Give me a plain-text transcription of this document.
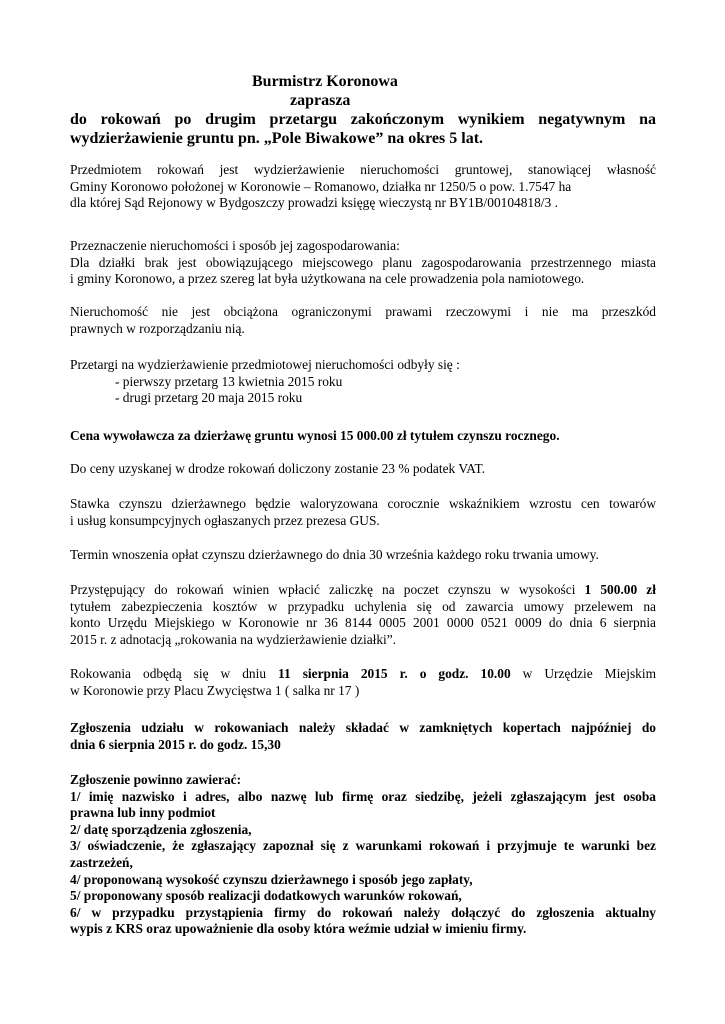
Burmistrz Koronowa
zaprasza
do rokowań po drugim przetargu zakończonym wynikiem negatywnym na
wydzierżawienie gruntu pn. „Pole Biwakowe” na okres 5 lat.
Przedmiotem rokowań jest wydzierżawienie nieruchomości gruntowej, stanowiącej własność
Gminy Koronowo położonej w Koronowie – Romanowo, działka nr 1250/5 o pow. 1.7547 ha
dla której Sąd Rejonowy w Bydgoszczy prowadzi księgę wieczystą nr BY1B/00104818/3 .
Przeznaczenie nieruchomości i sposób jej zagospodarowania:
Dla działki brak jest obowiązującego miejscowego planu zagospodarowania przestrzennego miasta
i gminy Koronowo, a przez szereg lat była użytkowana na cele prowadzenia pola namiotowego.
Nieruchomość nie jest obciążona ograniczonymi prawami rzeczowymi i nie ma przeszkód
prawnych w rozporządzaniu nią.
Przetargi na wydzierżawienie przedmiotowej nieruchomości odbyły się :
- pierwszy przetarg 13 kwietnia 2015 roku
- drugi przetarg 20 maja 2015 roku
Cena wywoławcza za dzierżawę gruntu wynosi 15 000.00 zł tytułem czynszu rocznego.
Do ceny uzyskanej w drodze rokowań doliczony zostanie 23 % podatek VAT.
Stawka czynszu dzierżawnego będzie waloryzowana corocznie wskaźnikiem wzrostu cen towarów
i usług konsumpcyjnych ogłaszanych przez prezesa GUS.
Termin wnoszenia opłat czynszu dzierżawnego do dnia 30 września każdego roku trwania umowy.
Przystępujący do rokowań winien wpłacić zaliczkę na poczet czynszu w wysokości 1 500.00 zł
tytułem zabezpieczenia kosztów w przypadku uchylenia się od zawarcia umowy przelewem na
konto Urzędu Miejskiego w Koronowie nr 36 8144 0005 2001 0000 0521 0009 do dnia 6 sierpnia
2015 r. z adnotacją „rokowania na wydzierżawienie działki”.
Rokowania odbędą się w dniu 11 sierpnia 2015 r. o godz. 10.00 w Urzędzie Miejskim
w Koronowie przy Placu Zwycięstwa 1 ( salka nr 17 )
Zgłoszenia udziału w rokowaniach należy składać w zamkniętych kopertach najpóźniej do
dnia 6 sierpnia 2015 r. do godz. 15,30
Zgłoszenie powinno zawierać:
1/ imię nazwisko i adres, albo nazwę lub firmę oraz siedzibę, jeżeli zgłaszającym jest osoba
prawna lub inny podmiot
2/ datę sporządzenia zgłoszenia,
3/ oświadczenie, że zgłaszający zapoznał się z warunkami rokowań i przyjmuje te warunki bez
zastrzeżeń,
4/ proponowaną wysokość czynszu dzierżawnego i sposób jego zapłaty,
5/ proponowany sposób realizacji dodatkowych warunków rokowań,
6/ w przypadku przystąpienia firmy do rokowań należy dołączyć do zgłoszenia aktualny
wypis z KRS oraz upoważnienie dla osoby która weźmie udział w imieniu firmy.
